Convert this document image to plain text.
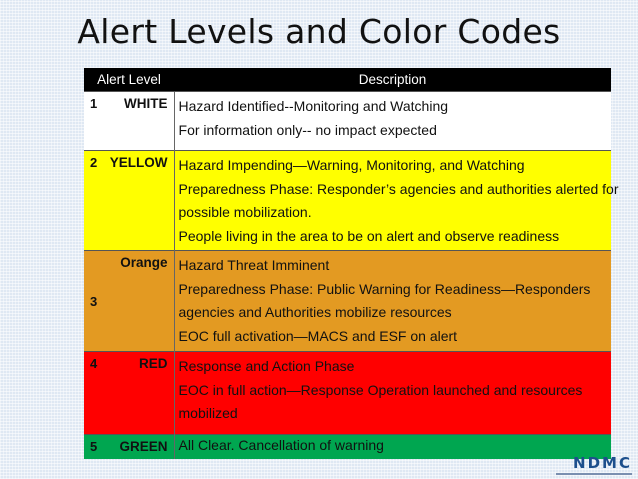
Alert Levels and Color Codes
Alert Level		Description
1	WHITE	Hazard Identified--Monitoring and Watching
For information only-- no impact expected

2	YELLOW	Hazard Impending—Warning, Monitoring, and Watching
Preparedness Phase: Responder’s agencies and authorities alerted for
possible mobilization.
People living in the area to be on alert and observe readiness

3	Orange	Hazard Threat Imminent
Preparedness Phase: Public Warning for Readiness—Responders
agencies and Authorities mobilize resources
EOC full activation—MACS and ESF on alert

4	RED	Response and Action Phase
EOC in full action—Response Operation launched and resources
mobilized

5	GREEN	All Clear. Cancellation of warning
NDMC
